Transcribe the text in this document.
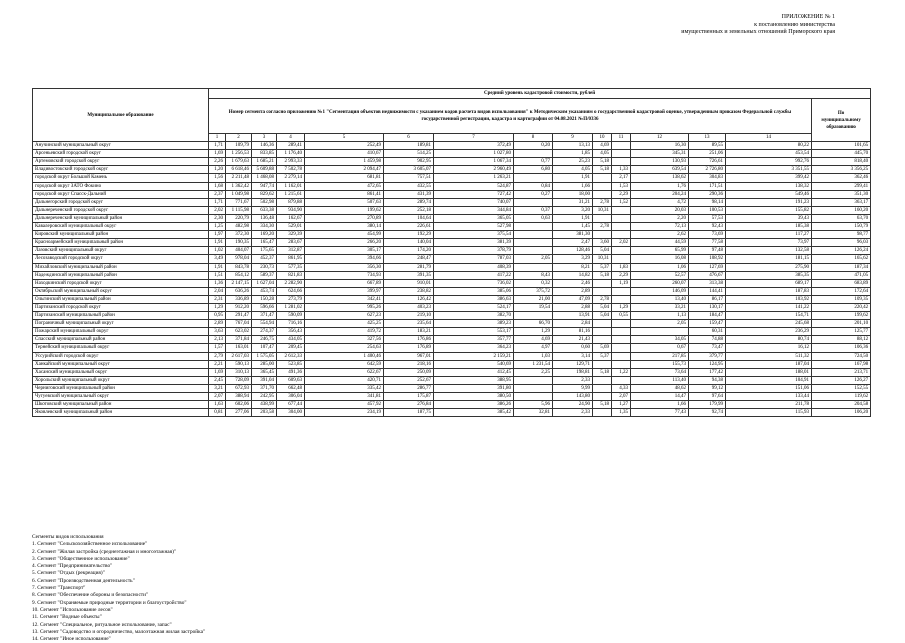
ПРИЛОЖЕНИЕ № 1
к постановлению министерства
имущественных и земельных отношений Приморского края
Муниципальное образование	Средний уровень кадастровой стоимости, рублей														
	Номер сегмента согласно приложению №1 "Сегментация объектов недвижимости с указанием кодов расчета видов использования" к Методическим указаниям о государственной кадастровой оценке, утвержденным приказом Федеральной службы государственной регистрации, кадастра и картографии от 04.08.2021 №П/0336														По муниципальному образованию
	1	2	3	4	5	6	7	8	9	10	11	12	13	14	
Анучинский муниципальный округ	1,71	109,79	146,36	289,41	252,49	189,81	372,49	0,20	13,13	4,69		16,30	89,55	80,22	101,65
Арсеньевский городской округ	1,69	1 256,53	833,85	1 176,40	410,67	514,25	1 027,80		1,85	4,05		345,31	251,06	453,54	445,70
Артемовский городской округ	2,26	1 679,63	1 685,21	2 993,33	1 459,98	902,95	1 067,34	0,77	25,23	5,18		130,93	726,61	992,76	818,40
Владивостокский городской округ	1,20	6 618,46	5 609,88	7 502,78	2 094,47	3 605,07	2 960,49	6,80	4,05	5,18	1,33	639,54	2 726,80	3 351,55	3 356,25
городской округ Большой Камень	1,56	2 211,48	1 468,08	2 279,14	681,81	757,51	1 263,21		1,91		2,17	138,62	304,83	399,42	362,46
городской округ ЗАТО Фокино	1,68	1 362,42	947,74	1 162,01	472,65	432,55	524,87	0,84	1,66		1,53	1,76	171,51	138,32	299,41
городской округ Спасск-Дальний	2,37	1 049,98	829,62	1 215,61	861,41	431,39	727,42	0,27	18,00		2,29	204,24	290,36	549,46	351,30
Дальнегорский городской округ	1,71	771,67	502,98	879,88	507,63	289,74	740,07		31,21	2,78	1,52	4,72	98,14	191,23	363,17
Дальнереченский городской округ	2,02	1 115,98	633,38	934,90	199,62	252,18	344,84	0,37	3,20	10,31		20,03	100,53	155,82	160,20
Дальнереченский муниципальный район	2,30	220,79	136,48	162,67	270,89	104,64	365,05	0,63	1,91			2,20	57,53	39,43	63,70
Кавалеровский муниципальный округ	1,25	482,98	334,30	529,01	380,14	226,61	527,98		1,45	2,78		72,13	92,43	185,38	150,79
Кировский муниципальный район	1,97	372,30	169,20	329,39	454,99	192,29	375,54		381,30			2,62	73,69	117,27	98,77
Красноармейский муниципальный район	1,91	190,35	165,47	283,67	266,20	140,04	381,39		2,47	3,60	2,02	44,59	77,58	73,97	96,03
Лазовский муниципальный округ	1,02	404,07	175,65	312,87	305,17	174,20	378,79		128,46	5,04		65,99	97,48	132,58	126,24
Лесозаводский городской округ	3,49	978,04	452,37	861,95	394,66	248,47	787,03	2,05	3,29	10,31		16,08	108,92	181,15	165,62
Михайловский муниципальный район	1,91	843,78	230,73	577,35	356,30	281,79	408,39		8,21	5,37	1,83	1,06	127,69	275,90	187,34
Надеждинский муниципальный район	1,51	854,12	589,37	821,83	734,93	391,35	417,22	8,43	14,82	5,18	2,29	52,57	476,67	385,35	471,05
Находкинский городской округ	1,36	2 147,15	1 627,04	2 282,90	667,89	910,01	736,02	0,32	2,46		1,19	260,07	313,38	689,17	683,89
Октябрьский муниципальный округ	2,04	636,26	453,74	624,66	399,97	238,82	385,06	375,72	2,89			146,09	144,41	187,83	172,64
Ольгинский муниципальный район	2,31	336,89	150,28	273,79	342,41	126,42	386,63	21,00	47,09	2,78		13,40	86,17	103,92	109,35
Партизанский городской округ	1,29	912,20	596,66	1 281,02	995,26	403,23	524,17	19,54	2,88	5,04	1,29	33,21	130,17	141,22	220,42
Партизанский муниципальный район	0,95	291,47	371,47	590,09	627,23	219,10	382,70		13,91	5,04	0,55	1,13	184,47	154,71	199,62
Пограничный муниципальный округ	2,89	767,04	554,94	716,16	425,25	235,64	389,23	66,70	2,84			2,05	159,47	245,68	201,10
Пожарский муниципальный округ	3,63	623,02	274,37	356,43	419,72	183,21	553,17	1,29	81,16				60,31	236,29	125,77
Спасский муниципальный район	2,13	371,84	246,75	434,05	327,56	176,86	357,77	4,69	21,43			34,05	74,88	80,74	88,12
Тернейский муниципальный округ	1,57	163,01	107,47	209,45	254,63	176,89	364,23	4,97	0,60	5,69		0,67	73,47	16,12	106,36
Уссурийский городской округ	2,79	2 617,03	1 575,05	2 612,33	1 400,46	967,01	2 159,21	1,03	3,14	5,37		217,85	379,77	511,32	724,50
Ханкайский муниципальный округ	2,21	590,13	285,00	523,85	642,59	218,16	540,69	1 231,54	129,71			155,73	124,95	187,04	167,98
Хасанский муниципальный округ	1,69	310,13	365,45	491,36	622,67	250,09	412,45	2,25	198,81	5,18	1,22	73,64	177,42	188,01	213,71
Хорольский муниципальный округ	2,45	728,09	391,04	609,63	420,71	252,67	388,95		2,33			113,40	94,38	104,91	126,27
Черниговский муниципальный район	3,21	672,93	371,70	662,48	335,42	286,77	391,80		9,99		4,33	48,62	99,12	151,06	152,55
Чугуевский муниципальный округ	2,07	388,94	242,95	306,04	341,81	175,87	380,50		143,80		2,07	14,47	97,64	133,44	119,62
Шкотовский муниципальный район	1,63	602,06	438,99	677,44	457,92	276,84	386,26	5,96	24,90	5,18	1,27	1,66	179,99	211,78	204,58
Яковлевский муниципальный район	0,81	277,06	203,58	304,00	234,19	187,75	385,42	32,81	2,33		1,35	77,43	92,74	115,93	106,20
Сегменты видов использования
1. Сегмент "Сельскохозяйственное использование"
2. Сегмент "Жилая застройка (среднеэтажная и многоэтажная)"
3. Сегмент "Общественное использование"
4. Сегмент "Предпринимательство"
5. Сегмент "Отдых (рекреация)"
6. Сегмент "Производственная деятельность"
7. Сегмент "Транспорт"
8. Сегмент "Обеспечение обороны и безопасности"
9. Сегмент "Охраняемые природные территории и благоустройство"
10. Сегмент "Использование лесов"
11. Сегмент "Водные объекты"
12. Сегмент "Специальное, ритуальное использование, запас"
13. Сегмент "Садоводство и огородничество, малоэтажная жилая застройка"
14. Сегмент "Иное использование"
